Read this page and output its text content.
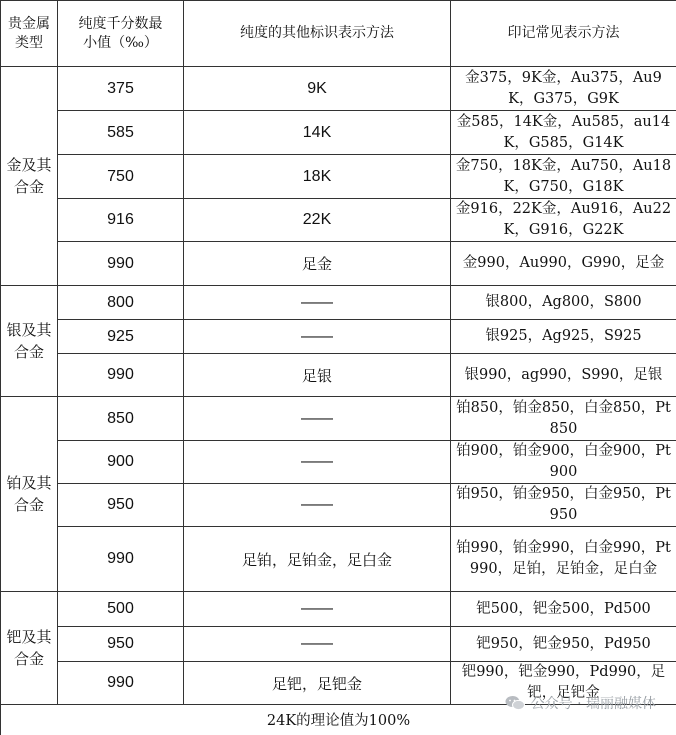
贵金属类型	纯度千分数最小值（‰）	纯度的其他标识表示方法	印记常见表示方法
金及其合金	375	9K	金375，9K金，Au375，Au9K，G375，G9K
	585	14K	金585，14K金，Au585，au14K，G585，G14K
	750	18K	金750，18K金，Au750，Au18K，G750，G18K
	916	22K	金916，22K金，Au916，Au22K，G916，G22K
	990	足金	金990，Au990，G990，足金
银及其合金	800	——	银800，Ag800，S800
	925	——	银925，Ag925，S925
	990	足银	银990，ag990，S990，足银
铂及其合金	850	——	铂850，铂金850，白金850，Pt850
	900	——	铂900，铂金900，白金900，Pt900
	950	——	铂950，铂金950，白金950，Pt950
	990	足铂，足铂金，足白金	铂990，铂金990，白金990，Pt990，足铂，足铂金，足白金
钯及其合金	500	——	钯500，钯金500，Pd500
	950	——	钯950，钯金950，Pd950
	990	足钯，足钯金	钯990，钯金990，Pd990，足钯，足钯金
24K的理论值为100%			
公众号 · 瑞丽融媒体
